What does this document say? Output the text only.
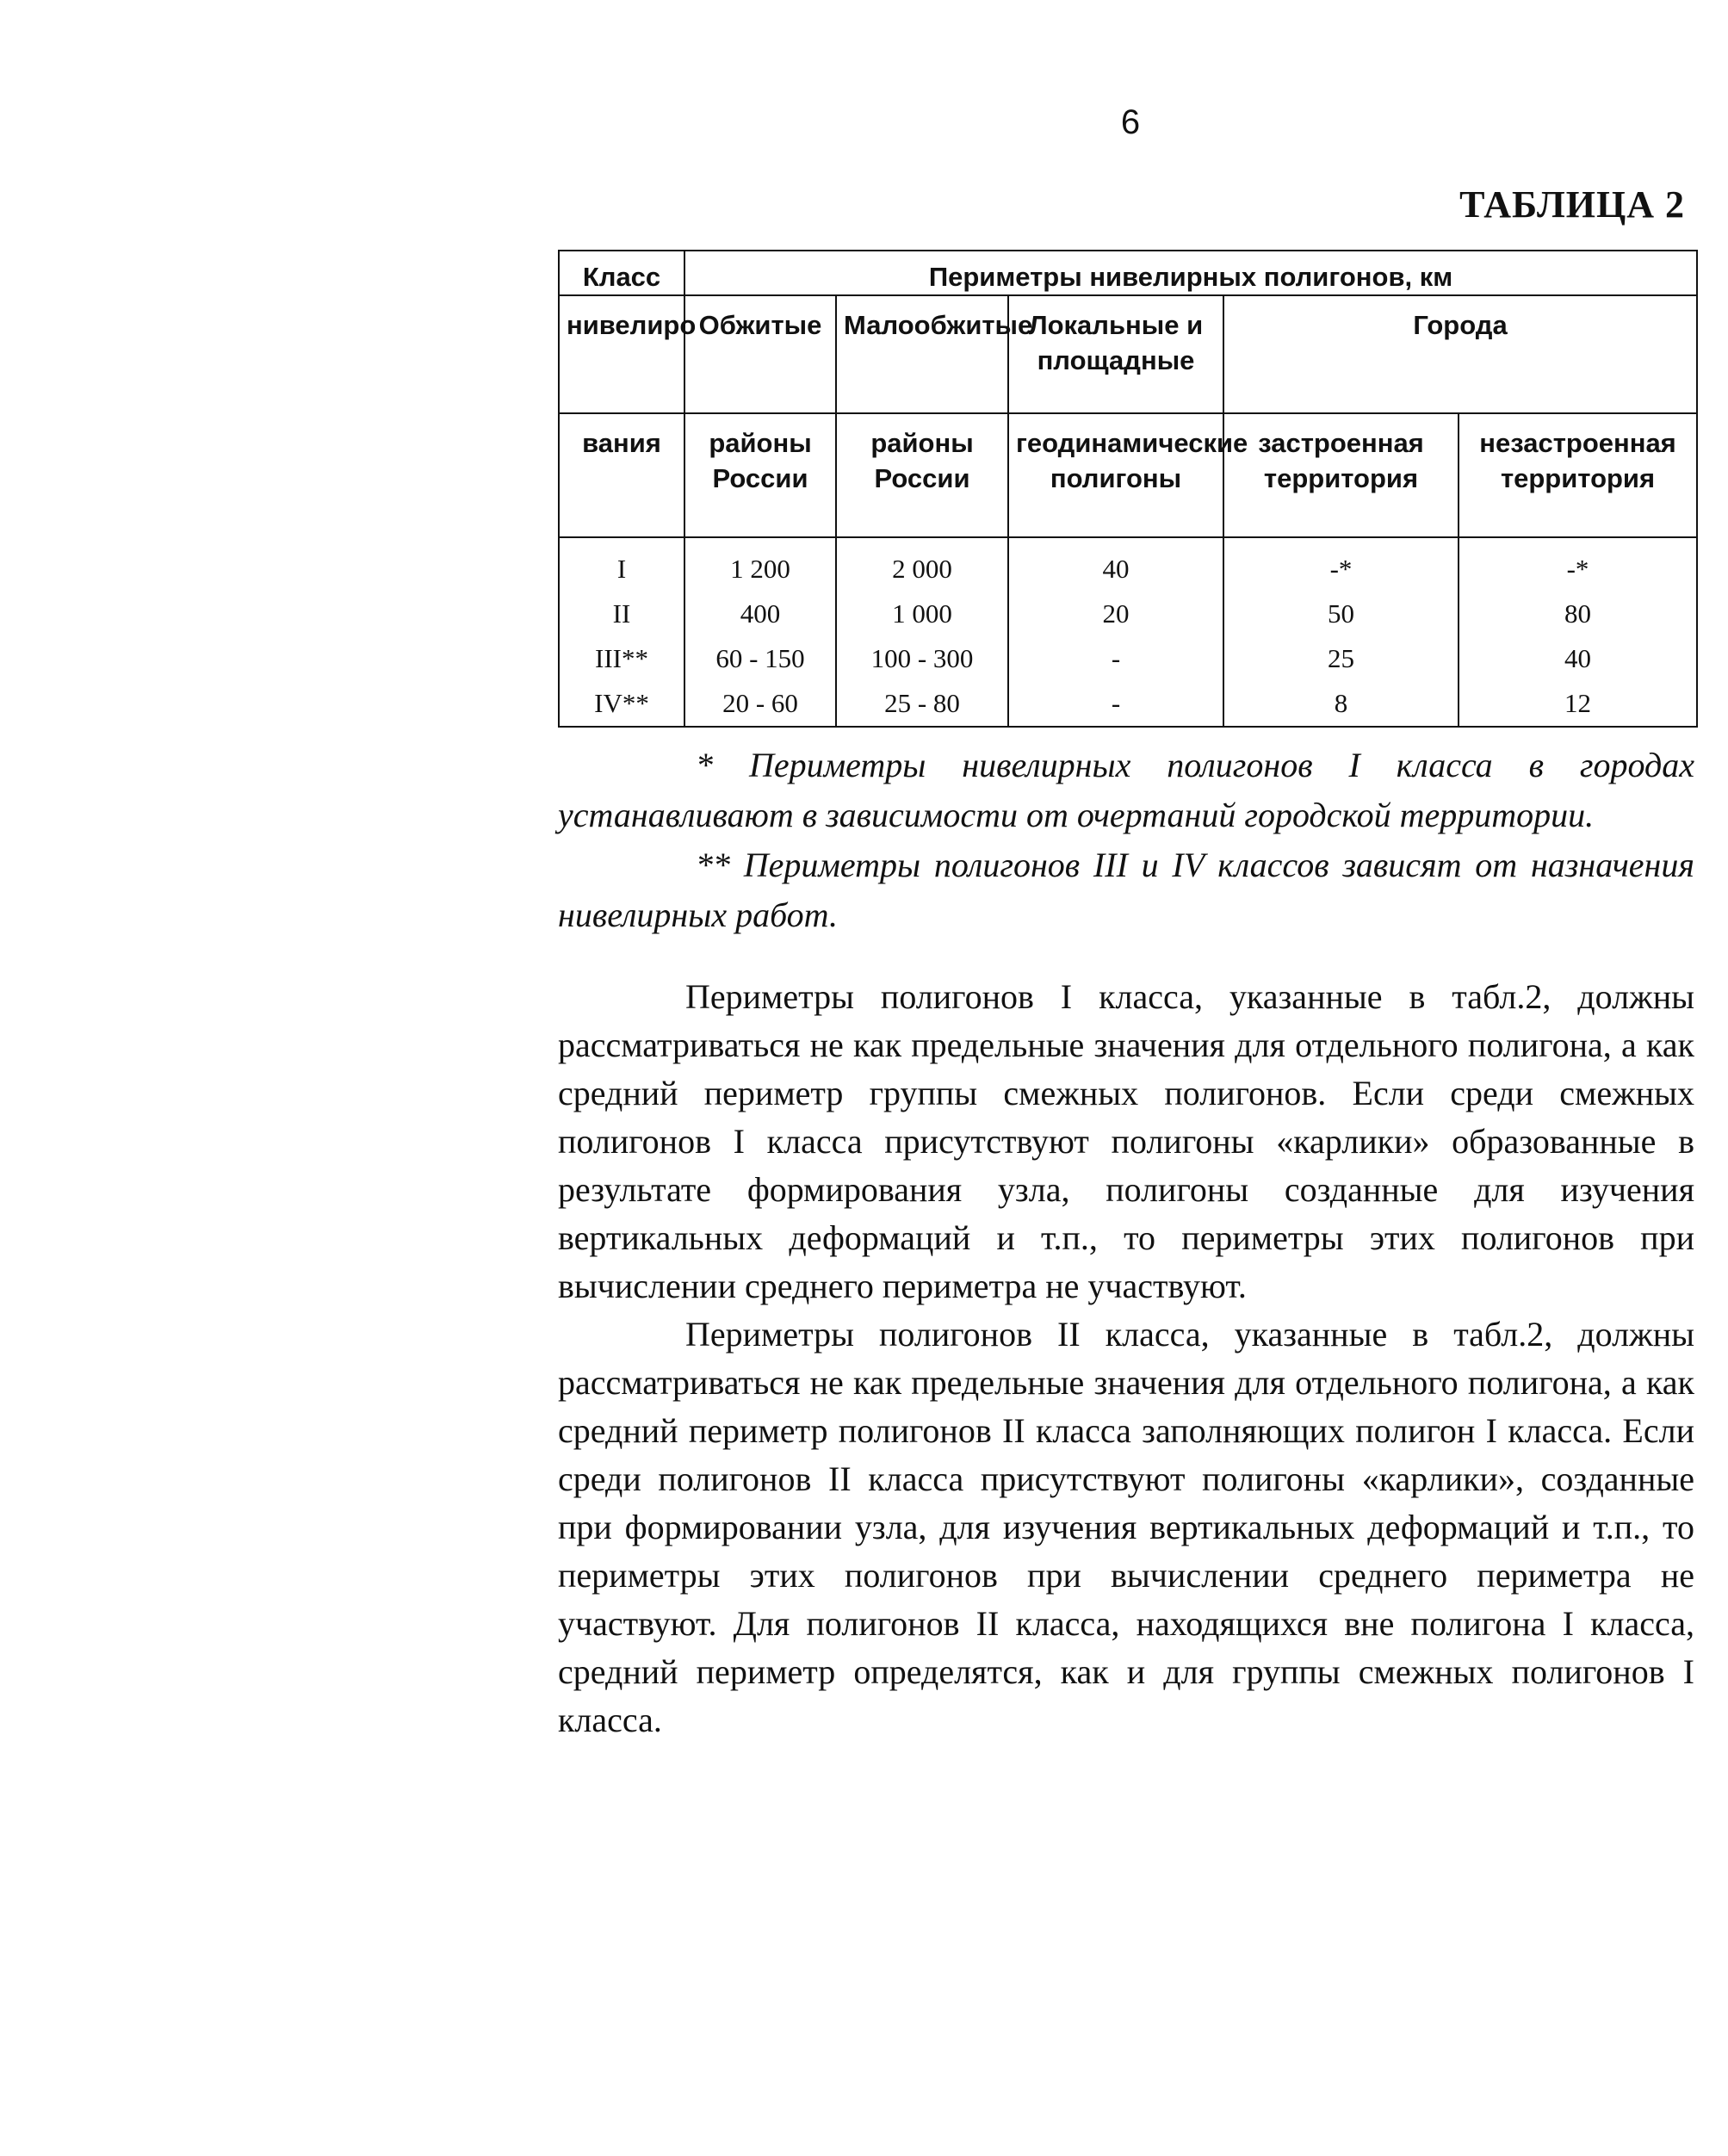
6
ТАБЛИЦА 2
Класс	Периметры нивелирных полигонов, км				
нивелиро	Обжитые	Малообжитые	Локальные и площадные	Города	
вания	районы России	районы России	геодинамические полигоны	застроенная территория	незастроенная территория
I	1 200	2 000	40	-*	-*
II	400	1 000	20	50	80
III**	60 - 150	100 - 300	-	25	40
IV**	20 - 60	25 - 80	-	8	12

* Периметры нивелирных полигонов I класса в городах устанавливают в зависимости от очертаний городской территории.

** Периметры полигонов III и IV классов зависят от назначения нивелирных работ.

Периметры полигонов I класса, указанные в табл.2, должны рассматриваться не как предельные значения для отдельного полигона, а как средний периметр группы смежных полигонов. Если среди смежных полигонов I класса присутствуют полигоны «карлики» образованные в результате формирования узла, полигоны созданные для изучения вертикальных деформаций и т.п., то периметры этих полигонов при вычислении среднего периметра не участвуют.

Периметры полигонов II класса, указанные в табл.2, должны рассматриваться не как предельные значения для отдельного полигона, а как средний периметр полигонов II класса заполняющих полигон I класса. Если среди полигонов II класса присутствуют полигоны «карлики», созданные при формировании узла, для изучения вертикальных деформаций и т.п., то периметры этих полигонов при вычислении среднего периметра не участвуют. Для полигонов II класса, находящихся вне полигона I класса, средний периметр определятся, как и для группы смежных полигонов I класса.
